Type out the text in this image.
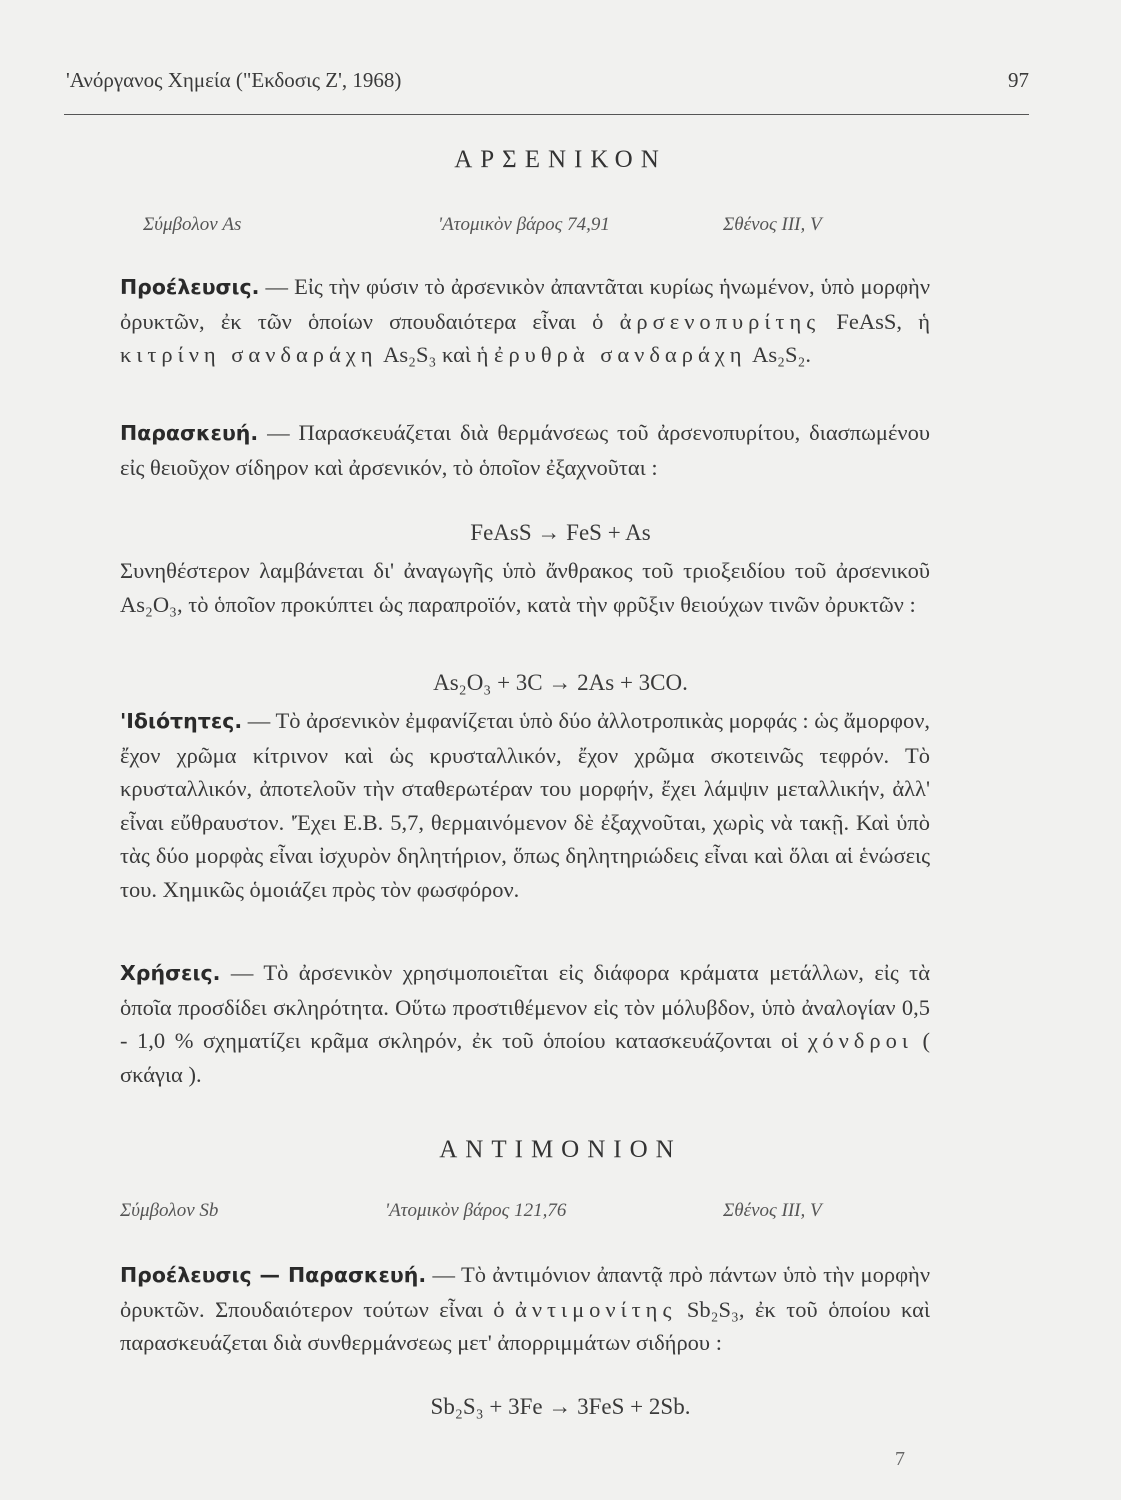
'Ανόργανος Χημεία ("Εκδοσις Ζ', 1968)	97
ΑΡΣΕΝΙΚΟΝ
Σύμβολον As	'Ατομικὸν βάρος 74,91	Σθένος III, V

Προέλευσις. — Εἰς τὴν φύσιν τὸ ἀρσενικὸν ἀπαντᾶται κυρίως ἡνωμένον, ὑπὸ μορφὴν ὀρυκτῶν, ἐκ τῶν ὁποίων σπουδαιότερα εἶναι ὁ ἀρσενοπυρίτης FeAsS, ἡ κιτρίνη σανδαράχη As₂S₃ καὶ ἡ ἐρυθρὰ σανδαράχη As₂S₂.

Παρασκευή. — Παρασκευάζεται διὰ θερμάνσεως τοῦ ἀρσενοπυρίτου, διασπωμένου εἰς θειοῦχον σίδηρον καὶ ἀρσενικόν, τὸ ὁποῖον ἐξαχνοῦται :

FeAsS → FeS + As

Συνηθέστερον λαμβάνεται δι' ἀναγωγῆς ὑπὸ ἄνθρακος τοῦ τριοξειδίου τοῦ ἀρσενικοῦ As₂O₃, τὸ ὁποῖον προκύπτει ὡς παραπροϊόν, κατὰ τὴν φρῦξιν θειούχων τινῶν ὀρυκτῶν :

As₂O₃ + 3C → 2As + 3CO.

'Ιδιότητες. — Τὸ ἀρσενικὸν ἐμφανίζεται ὑπὸ δύο ἀλλοτροπικὰς μορφάς : ὡς ἄμορφον, ἔχον χρῶμα κίτρινον καὶ ὡς κρυσταλλικόν, ἔχον χρῶμα σκοτεινῶς τεφρόν. Τὸ κρυσταλλικόν, ἀποτελοῦν τὴν σταθερωτέραν του μορφήν, ἔχει λάμψιν μεταλλικήν, ἀλλ' εἶναι εὔθραυστον. 'Έχει Ε.Β. 5,7, θερμαινόμενον δὲ ἐξαχνοῦται, χωρὶς νὰ τακῇ. Καὶ ὑπὸ τὰς δύο μορφὰς εἶναι ἰσχυρὸν δηλητήριον, ὅπως δηλητηριώδεις εἶναι καὶ ὅλαι αἱ ἑνώσεις του. Χημικῶς ὁμοιάζει πρὸς τὸν φωσφόρον.

Χρήσεις. — Τὸ ἀρσενικὸν χρησιμοποιεῖται εἰς διάφορα κράματα μετάλλων, εἰς τὰ ὁποῖα προσδίδει σκληρότητα. Οὕτω προστιθέμενον εἰς τὸν μόλυβδον, ὑπὸ ἀναλογίαν 0,5 - 1,0 % σχηματίζει κρᾶμα σκληρόν, ἐκ τοῦ ὁποίου κατασκευάζονται οἱ χόνδροι ( σκάγια ).

ΑΝΤΙΜΟΝΙΟΝ
Σύμβολον Sb	'Ατομικὸν βάρος 121,76	Σθένος III, V

Προέλευσις — Παρασκευή. — Τὸ ἀντιμόνιον ἀπαντᾷ πρὸ πάντων ὑπὸ τὴν μορφὴν ὀρυκτῶν. Σπουδαιότερον τούτων εἶναι ὁ ἀντιμονίτης Sb₂S₃, ἐκ τοῦ ὁποίου καὶ παρασκευάζεται διὰ συνθερμάνσεως μετ' ἀπορριμμάτων σιδήρου :

Sb₂S₃ + 3Fe → 3FeS + 2Sb.
7
